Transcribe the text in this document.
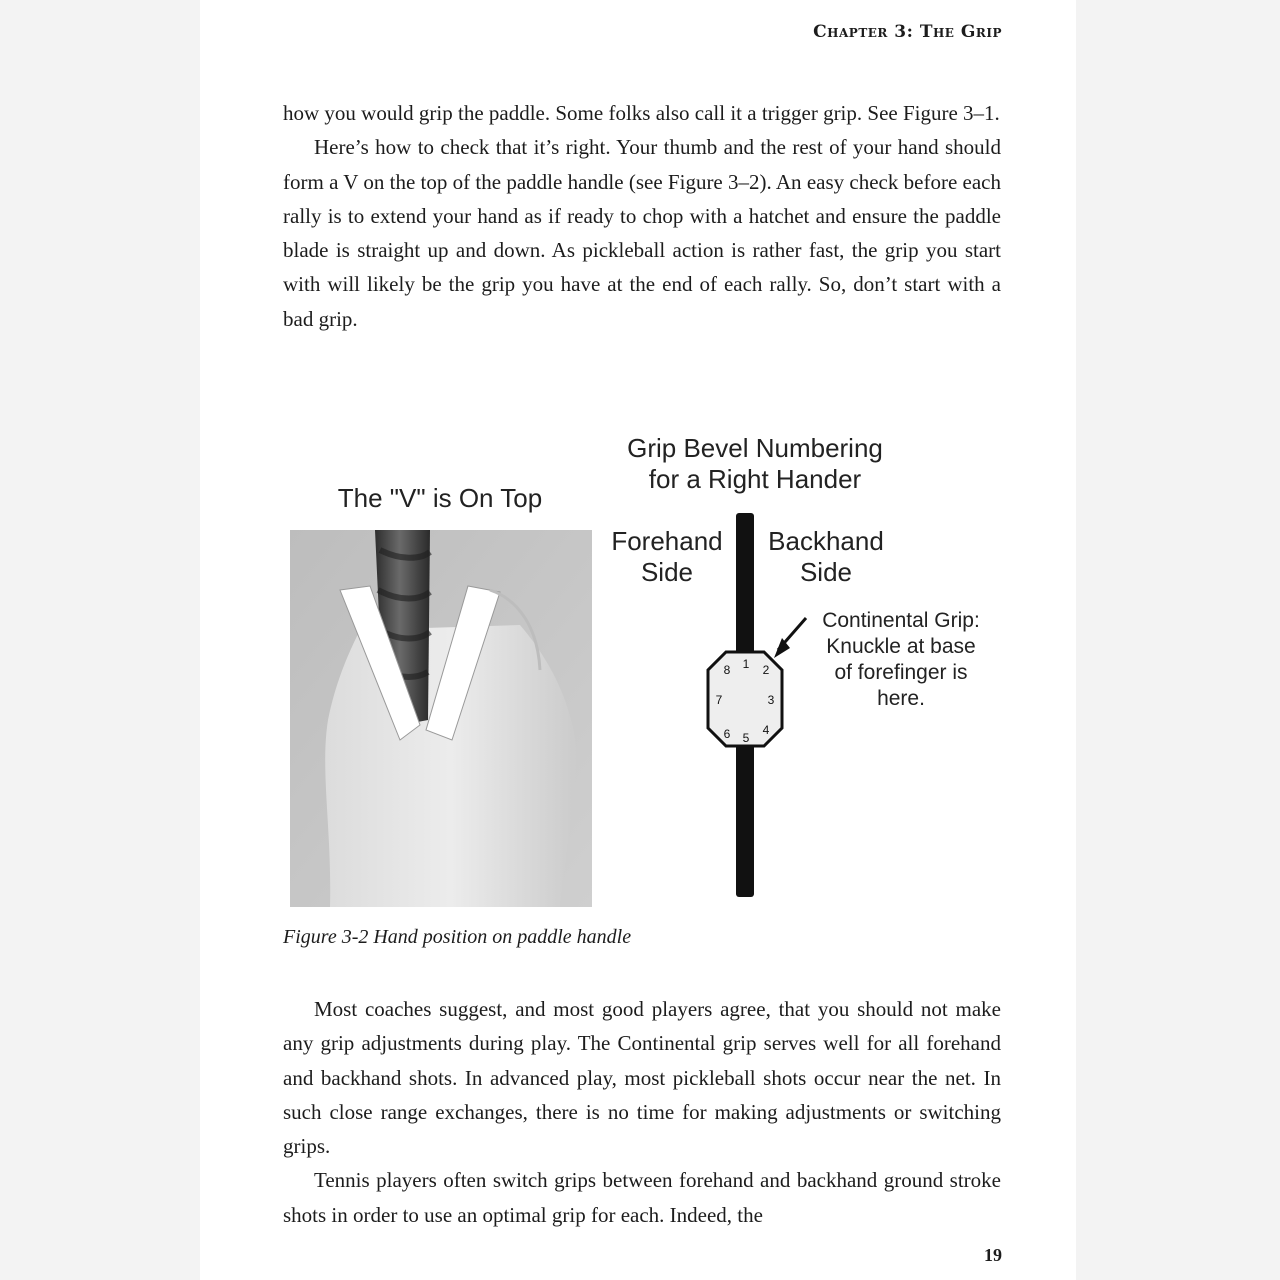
Chapter 3: The Grip

how you would grip the paddle. Some folks also call it a trigger grip. See Figure 3–1.

Here’s how to check that it’s right. Your thumb and the rest of your hand should form a V on the top of the paddle handle (see Figure 3–2). An easy check before each rally is to extend your hand as if ready to chop with a hatchet and ensure the paddle blade is straight up and down. As pickleball action is rather fast, the grip you start with will likely be the grip you have at the end of each rally. So, don’t start with a bad grip.

The "V" is On Top
Grip Bevel Numbering
for a Right Hander
Forehand
Side
Backhand
Side
Continental Grip:
Knuckle at base
of forefinger is
here.
1 2
3
4
5
6
7
8
Figure 3-2 Hand position on paddle handle

Most coaches suggest, and most good players agree, that you should not make any grip adjustments during play. The Continental grip serves well for all forehand and backhand shots. In advanced play, most pickleball shots occur near the net. In such close range exchanges, there is no time for making adjustments or switching grips.

Tennis players often switch grips between forehand and backhand ground stroke shots in order to use an optimal grip for each. Indeed, the

19
